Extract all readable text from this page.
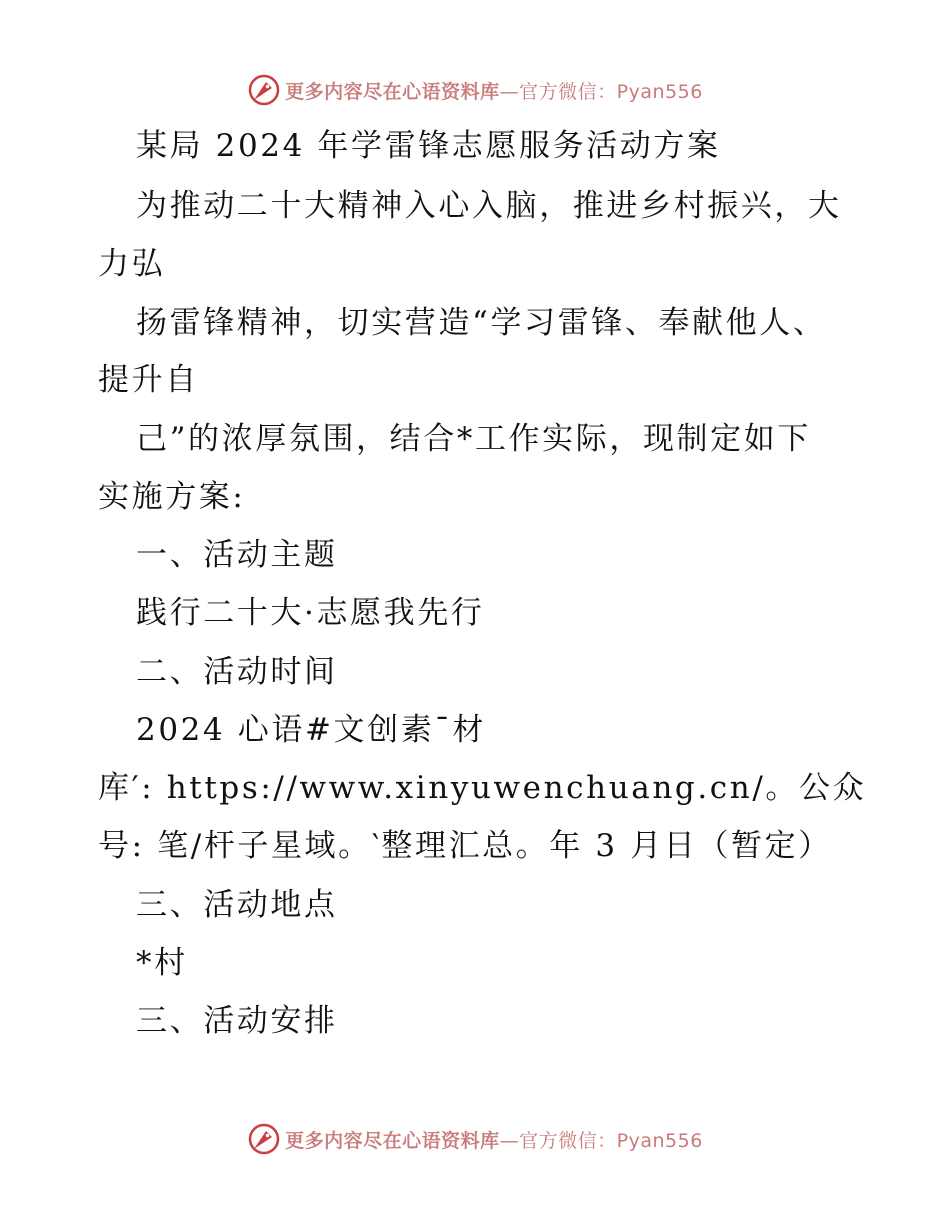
更多内容尽在心语资料库—官方微信：Pyan556
某局 2024 年学雷锋志愿服务活动方案
为推动二十大精神入心入脑，推进乡村振兴，大
力弘
扬雷锋精神，切实营造“学习雷锋、奉献他人、
提升自
己”的浓厚氛围，结合*工作实际，现制定如下
实施方案:
一、活动主题
践行二十大·志愿我先行
二、活动时间
2024 心语#文创素¯材
库′: https://www.xinyuwenchuang.cn/。公众
号: 笔/杆子星域。‵整理汇总。年 3 月日（暂定）
三、活动地点
*村
三、活动安排
更多内容尽在心语资料库—官方微信：Pyan556
